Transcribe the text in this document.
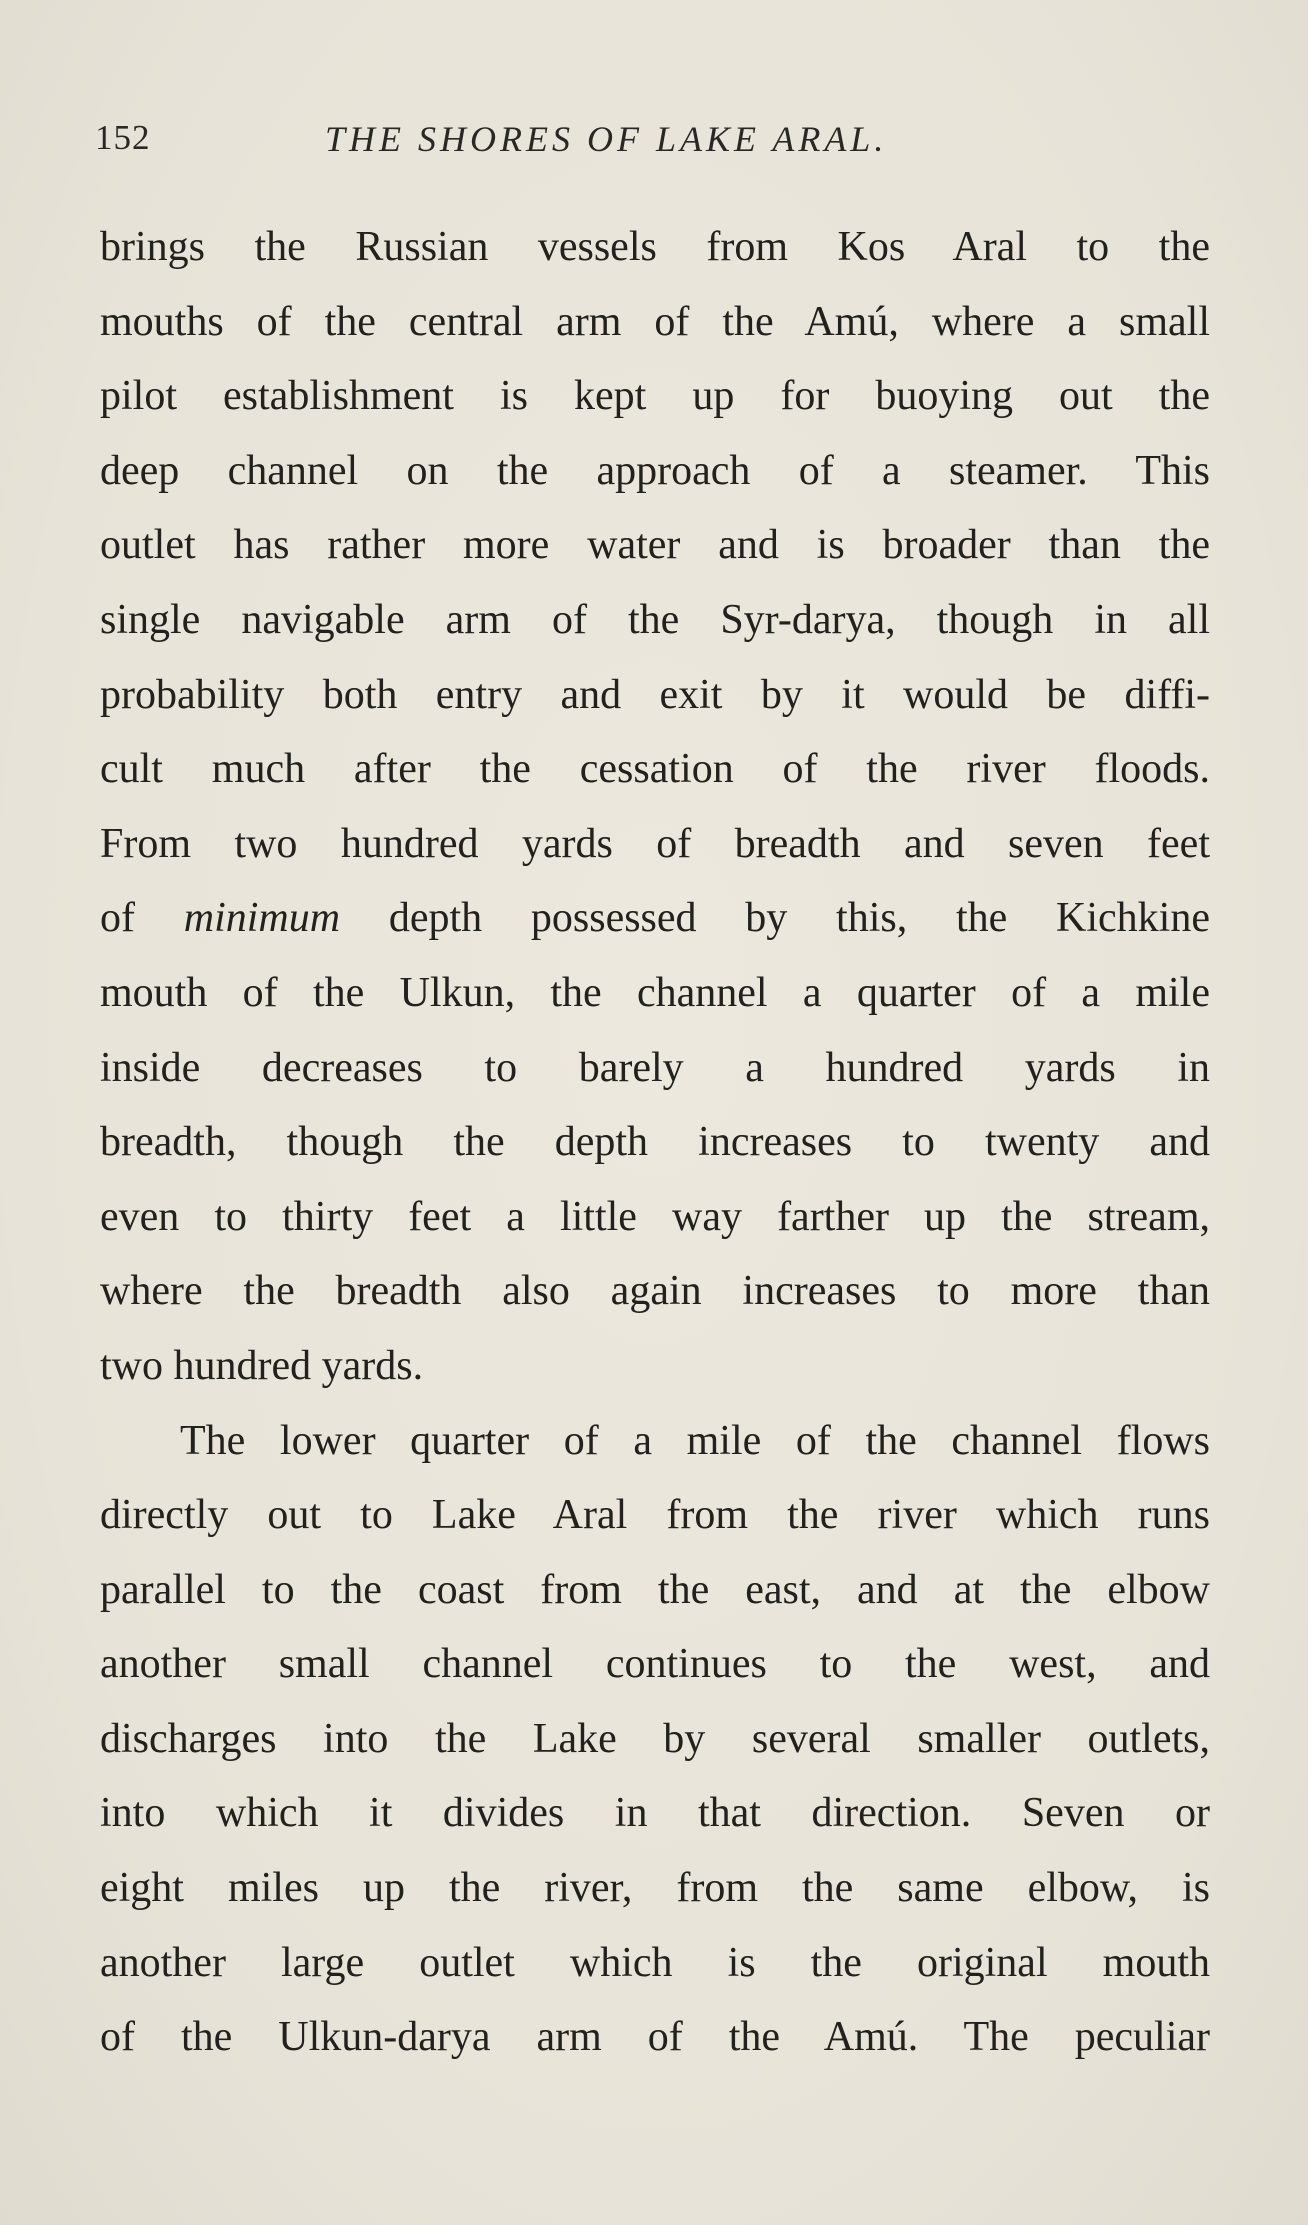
152	THE SHORES OF LAKE ARAL.
brings the Russian vessels from Kos Aral to the
mouths of the central arm of the Amú, where a small
pilot establishment is kept up for buoying out the
deep channel on the approach of a steamer. This
outlet has rather more water and is broader than the
single navigable arm of the Syr-darya, though in all
probability both entry and exit by it would be diffi-
cult much after the cessation of the river floods.
From two hundred yards of breadth and seven feet
of minimum depth possessed by this, the Kichkine
mouth of the Ulkun, the channel a quarter of a mile
inside decreases to barely a hundred yards in
breadth, though the depth increases to twenty and
even to thirty feet a little way farther up the stream,
where the breadth also again increases to more than
two hundred yards.
The lower quarter of a mile of the channel flows
directly out to Lake Aral from the river which runs
parallel to the coast from the east, and at the elbow
another small channel continues to the west, and
discharges into the Lake by several smaller outlets,
into which it divides in that direction. Seven or
eight miles up the river, from the same elbow, is
another large outlet which is the original mouth
of the Ulkun-darya arm of the Amú. The peculiar
